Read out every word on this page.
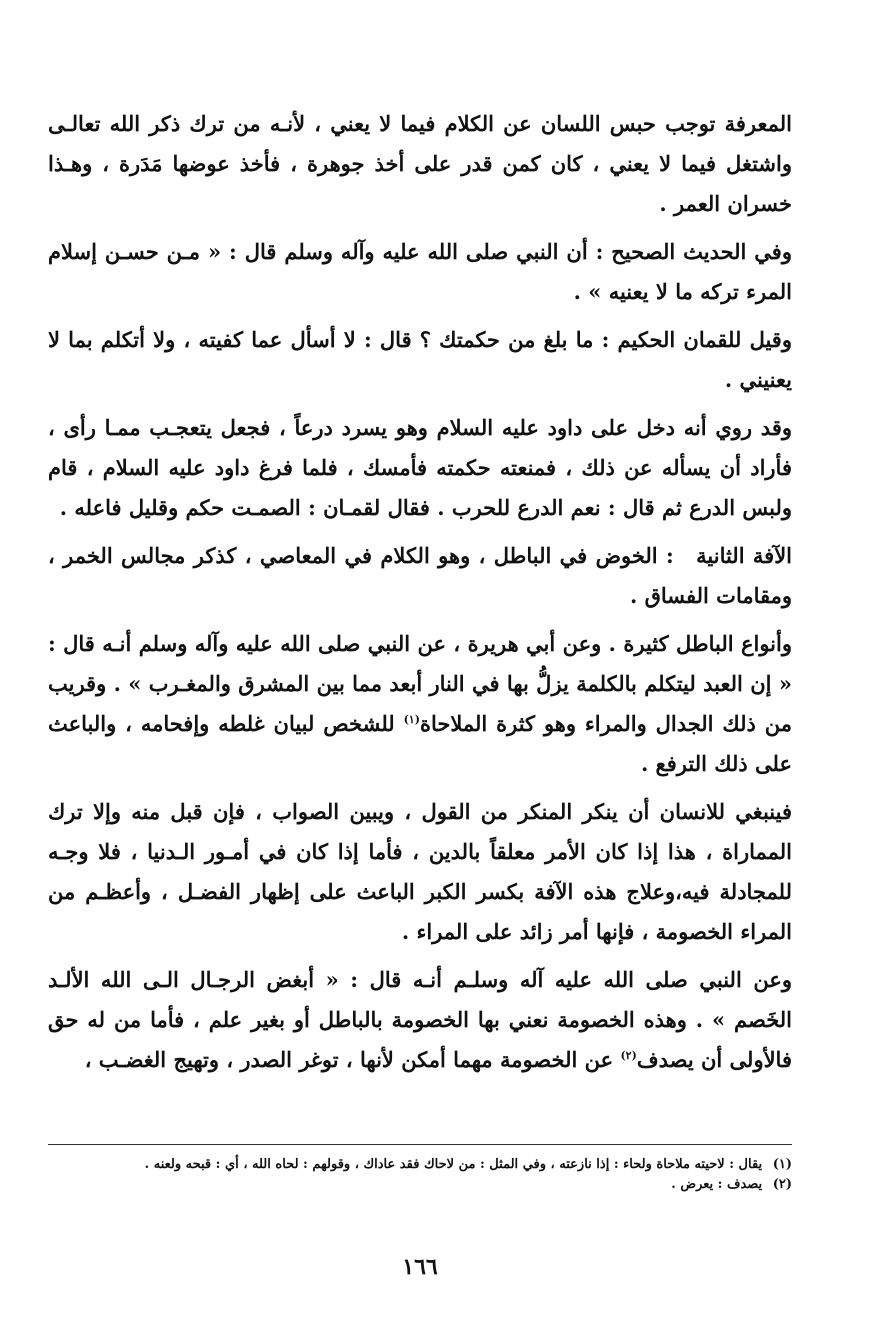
المعرفة توجب حبس اللسان عن الكلام فيما لا يعني ، لأنـه من ترك ذكر الله تعالـى واشتغل فيما لا يعني ، كان كمن قدر على أخذ جوهرة ، فأخذ عوضها مَدَرة ، وهـذا خسران العمر .

وفي الحديث الصحيح : أن النبي صلى الله عليه وآله وسلم قال : « مـن حسـن إسلام المرء تركه ما لا يعنيه » .

وقيل للقمان الحكيم : ما بلغ من حكمتك ؟ قال : لا أسأل عما كفيته ، ولا أتكلم بما لا يعنيني .

وقد روي أنه دخل على داود عليه السلام وهو يسرد درعاً ، فجعل يتعجـب ممـا رأى ، فأراد أن يسأله عن ذلك ، فمنعته حكمته فأمسك ، فلما فرغ داود عليه السلام ، قام ولبس الدرع ثم قال : نعم الدرع للحرب . فقال لقمـان : الصمـت حكم وقليل فاعله .

الآفة الثانية : الخوض في الباطل ، وهو الكلام في المعاصي ، كذكر مجالس الخمر ، ومقامات الفساق .

وأنواع الباطل كثيرة . وعن أبي هريرة ، عن النبي صلى الله عليه وآله وسلم أنـه قال : « إن العبد ليتكلم بالكلمة يزلُّ بها في النار أبعد مما بين المشرق والمغـرب » . وقريب من ذلك الجدال والمراء وهو كثرة الملاحاة$^{(١)}$ للشخص لبيان غلطه وإفحامه ، والباعث على ذلك الترفع .

فينبغي للانسان أن ينكر المنكر من القول ، ويبين الصواب ، فإن قبل منه وإلا ترك المماراة ، هذا إذا كان الأمر معلقاً بالدين ، فأما إذا كان في أمـور الـدنيا ، فلا وجـه للمجادلة فيه،وعلاج هذه الآفة بكسر الكبر الباعث على إظهار الفضـل ، وأعظـم من المراء الخصومة ، فإنها أمر زائد على المراء .

وعن النبي صلى الله عليه آله وسلـم أنـه قال : « أبغض الرجـال الـى الله الألـد الخَصم » . وهذه الخصومة نعني بها الخصومة بالباطل أو بغير علم ، فأما من له حق فالأولى أن يصدف$^{(٢)}$ عن الخصومة مهما أمكن لأنها ، توغر الصدر ، وتهيج الغضـب ،

(١) يقال : لاحيته ملاحاة ولحاء : إذا نازعته ، وفي المثل : من لاحاك فقد عاداك ، وقولهم : لحاه الله ، أي : قبحه ولعنه .

(٢) يصدف : يعرض .

١٦٦
